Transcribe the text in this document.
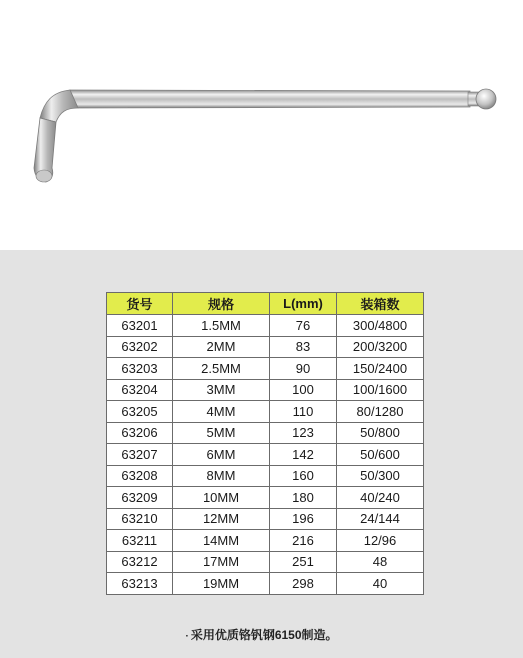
货号	规格	L(mm)	装箱数
63201	1.5MM	76	300/4800
63202	2MM	83	200/3200
63203	2.5MM	90	150/2400
63204	3MM	100	100/1600
63205	4MM	110	80/1280
63206	5MM	123	50/800
63207	6MM	142	50/600
63208	8MM	160	50/300
63209	10MM	180	40/240
63210	12MM	196	24/144
63211	14MM	216	12/96
63212	17MM	251	48
63213	19MM	298	40
· 采用优质铬钒钢6150制造。
